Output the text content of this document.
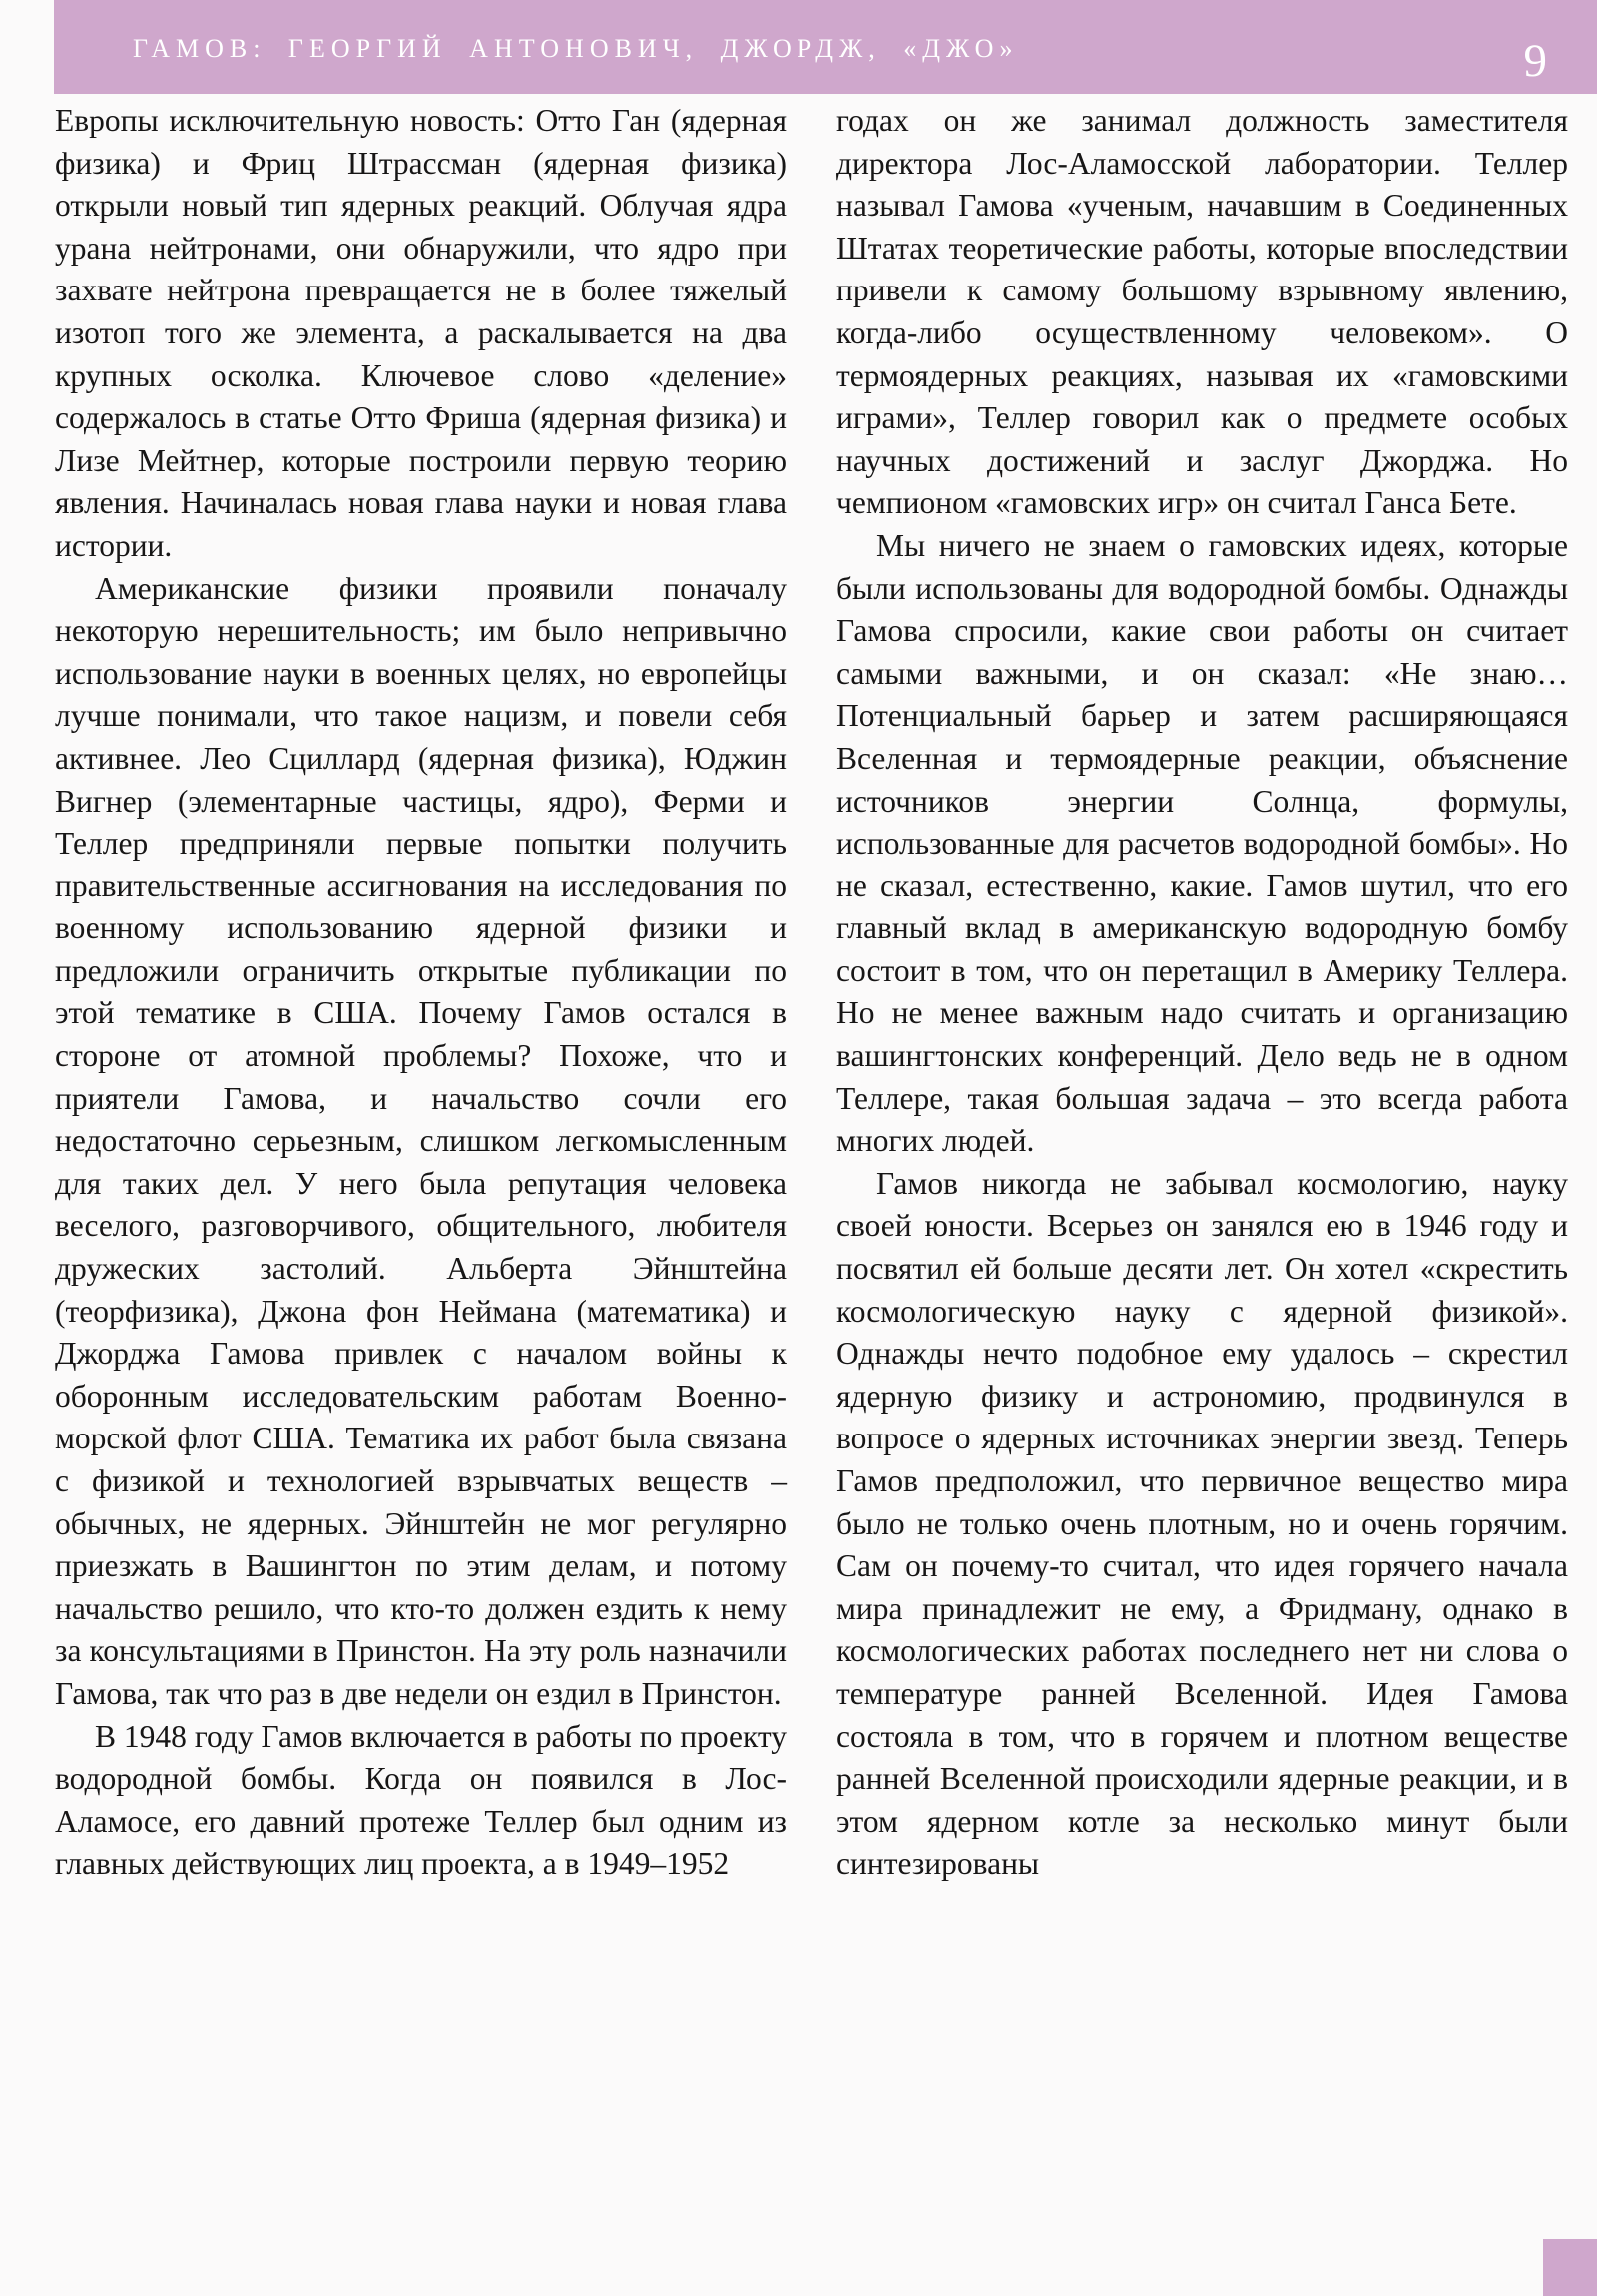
ГАМОВ: ГЕОРГИЙ АНТОНОВИЧ, ДЖОРДЖ, «ДЖО»	9

Европы исключительную новость: Отто Ган (ядерная физика) и Фриц Штрассман (ядерная физика) открыли новый тип ядерных реакций. Облучая ядра урана нейтронами, они обнаружили, что ядро при захвате нейтрона превращается не в более тяжелый изотоп того же элемента, а раскалывается на два крупных осколка. Ключевое слово «деление» содержалось в статье Отто Фриша (ядерная физика) и Лизе Мейтнер, которые построили первую теорию явления. Начиналась новая глава науки и новая глава истории.

Американские физики проявили поначалу некоторую нерешительность; им было непривычно использование науки в военных целях, но европейцы лучше понимали, что такое нацизм, и повели себя активнее. Лео Сциллард (ядерная физика), Юджин Вигнер (элементарные частицы, ядро), Ферми и Теллер предприняли первые попытки получить правительственные ассигнования на исследования по военному использованию ядерной физики и предложили ограничить открытые публикации по этой тематике в США. Почему Гамов остался в стороне от атомной проблемы? Похоже, что и приятели Гамова, и начальство сочли его недостаточно серьезным, слишком легкомысленным для таких дел. У него была репутация человека веселого, разговорчивого, общительного, любителя дружеских застолий. Альберта Эйнштейна (теорфизика), Джона фон Неймана (математика) и Джорджа Гамова привлек с началом войны к оборонным исследовательским работам Военно-морской флот США. Тематика их работ была связана с физикой и технологией взрывчатых веществ – обычных, не ядерных. Эйнштейн не мог регулярно приезжать в Вашингтон по этим делам, и потому начальство решило, что кто-то должен ездить к нему за консультациями в Принстон. На эту роль назначили Гамова, так что раз в две недели он ездил в Принстон.

В 1948 году Гамов включается в работы по проекту водородной бомбы. Когда он появился в Лос-Аламосе, его давний протеже Теллер был одним из главных действующих лиц проекта, а в 1949–1952

годах он же занимал должность заместителя директора Лос-Аламосской лаборатории. Теллер называл Гамова «ученым, начавшим в Соединенных Штатах теоретические работы, которые впоследствии привели к самому большому взрывному явлению, когда-либо осуществленному человеком». О термоядерных реакциях, называя их «гамовскими играми», Теллер говорил как о предмете особых научных достижений и заслуг Джорджа. Но чемпионом «гамовских игр» он считал Ганса Бете.

Мы ничего не знаем о гамовских идеях, которые были использованы для водородной бомбы. Однажды Гамова спросили, какие свои работы он считает самыми важными, и он сказал: «Не знаю… Потенциальный барьер и затем расширяющаяся Вселенная и термоядерные реакции, объяснение источников энергии Солнца, формулы, использованные для расчетов водородной бомбы». Но не сказал, естественно, какие. Гамов шутил, что его главный вклад в американскую водородную бомбу состоит в том, что он перетащил в Америку Теллера. Но не менее важным надо считать и организацию вашингтонских конференций. Дело ведь не в одном Теллере, такая большая задача – это всегда работа многих людей.

Гамов никогда не забывал космологию, науку своей юности. Всерьез он занялся ею в 1946 году и посвятил ей больше десяти лет. Он хотел «скрестить космологическую науку с ядерной физикой». Однажды нечто подобное ему удалось – скрестил ядерную физику и астрономию, продвинулся в вопросе о ядерных источниках энергии звезд. Теперь Гамов предположил, что первичное вещество мира было не только очень плотным, но и очень горячим. Сам он почему-то считал, что идея горячего начала мира принадлежит не ему, а Фридману, однако в космологических работах последнего нет ни слова о температуре ранней Вселенной. Идея Гамова состояла в том, что в горячем и плотном веществе ранней Вселенной происходили ядерные реакции, и в этом ядерном котле за несколько минут были синтезированы
